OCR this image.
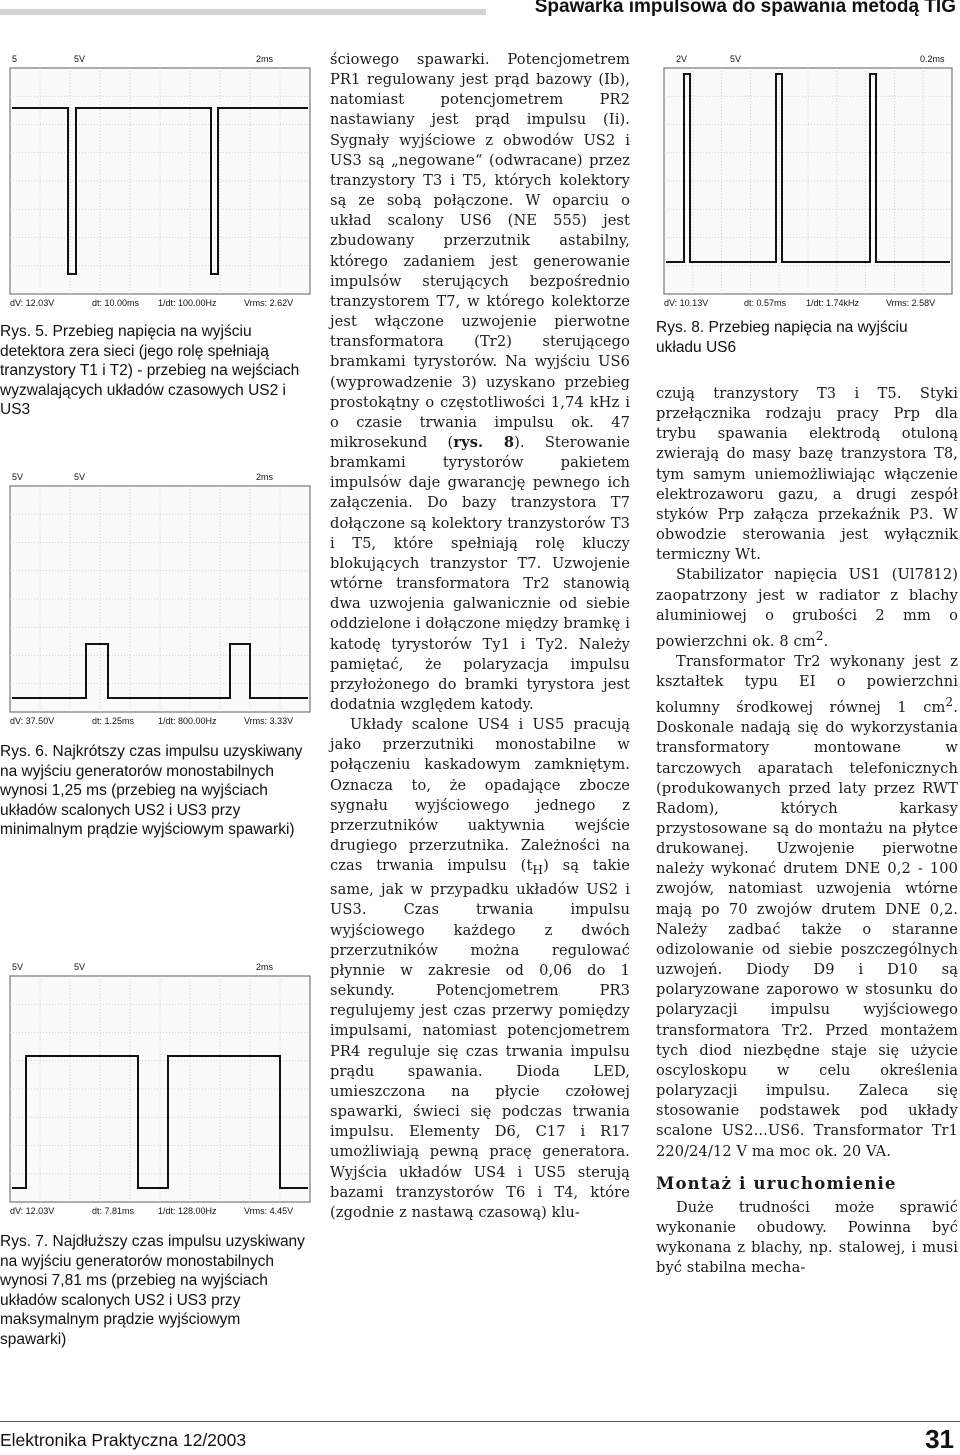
Spawarka impulsowa do spawania metodą TIG
5	5V	2ms
dV: 12.03V	dt: 10.00ms 1/dt: 100.00Hz	Vrms: 2.62V
Rys. 5. Przebieg napięcia na wyjściu detektora zera sieci (jego rolę spełniają tranzystory T1 i T2) - przebieg na wejściach wyzwalających układów czasowych US2 i US3
5V	5V	2ms
dV: 37.50V	dt: 1.25ms	1/dt: 800.00Hz	Vrms: 3.33V
Rys. 6. Najkrótszy czas impulsu uzyskiwany na wyjściu generatorów monostabilnych wynosi 1,25 ms (przebieg na wyjściach układów scalonych US2 i US3 przy minimalnym prądzie wyjściowym spawarki)
5V	5V	2ms
dV: 12.03V	dt: 7.81ms	1/dt: 128.00Hz	Vrms: 4.45V
Rys. 7. Najdłuższy czas impulsu uzyskiwany na wyjściu generatorów monostabilnych wynosi 7,81 ms (przebieg na wyjściach układów scalonych US2 i US3 przy maksymalnym prądzie wyjściowym spawarki)

ściowego spawarki. Potencjometrem PR1 regulowany jest prąd bazowy (Ib), natomiast potencjometrem PR2 nastawiany jest prąd impulsu (Ii). Sygnały wyjściowe z obwodów US2 i US3 są „negowane“ (odwracane) przez tranzystory T3 i T5, których kolektory są ze sobą połączone. W oparciu o układ scalony US6 (NE 555) jest zbudowany przerzutnik astabilny, którego zadaniem jest generowanie impulsów sterujących bezpośrednio tranzystorem T7, w którego kolektorze jest włączone uzwojenie pierwotne transformatora (Tr2) sterującego bramkami tyrystorów. Na wyjściu US6 (wyprowadzenie 3) uzyskano przebieg prostokątny o częstotliwości 1,74 kHz i o czasie trwania impulsu ok. 47 mikrosekund (rys. 8). Sterowanie bramkami tyrystorów pakietem impulsów daje gwarancję pewnego ich załączenia. Do bazy tranzystora T7 dołączone są kolektory tranzystorów T3 i T5, które spełniają rolę kluczy blokujących tranzystor T7. Uzwojenie wtórne transformatora Tr2 stanowią dwa uzwojenia galwanicznie od siebie oddzielone i dołączone między bramkę i katodę tyrystorów Ty1 i Ty2. Należy pamiętać, że polaryzacja impulsu przyłożonego do bramki tyrystora jest dodatnia względem katody.

Układy scalone US4 i US5 pracują jako przerzutniki monostabilne w połączeniu kaskadowym zamkniętym. Oznacza to, że opadające zbocze sygnału wyjściowego jednego z przerzutników uaktywnia wejście drugiego przerzutnika. Zależności na czas trwania impulsu $(t_H)$ są takie same, jak w przypadku układów US2 i US3. Czas trwania impulsu wyjściowego każdego z dwóch przerzutników można regulować płynnie w zakresie od 0,06 do 1 sekundy. Potencjometrem PR3 regulujemy jest czas przerwy pomiędzy impulsami, natomiast potencjometrem PR4 reguluje się czas trwania impulsu prądu spawania. Dioda LED, umieszczona na płycie czołowej spawarki, świeci się podczas trwania impulsu. Elementy D6, C17 i R17 umożliwiają pewną pracę generatora. Wyjścia układów US4 i US5 sterują bazami tranzystorów T6 i T4, które (zgodnie z nastawą czasową) klu-

2V	5V	0.2ms
dV: 10.13V	dt: 0.57ms 1/dt: 1.74kHz	Vrms: 2.58V
Rys. 8. Przebieg napięcia na wyjściu układu US6

czują tranzystory T3 i T5. Styki przełącznika rodzaju pracy Prp dla trybu spawania elektrodą otuloną zwierają do masy bazę tranzystora T8, tym samym uniemożliwiając włączenie elektrozaworu gazu, a drugi zespół styków Prp załącza przekaźnik P3. W obwodzie sterowania jest wyłącznik termiczny Wt.

Stabilizator napięcia US1 (Ul7812) zaopatrzony jest w radiator z blachy aluminiowej o grubości 2 mm o powierzchni ok. 8 $cm^2$.

Transformator Tr2 wykonany jest z kształtek typu EI o powierzchni kolumny środkowej równej 1 $cm^2$. Doskonale nadają się do wykorzystania transformatory montowane w tarczowych aparatach telefonicznych (produkowanych przed laty przez RWT Radom), których karkasy przystosowane są do montażu na płytce drukowanej. Uzwojenie pierwotne należy wykonać drutem DNE 0,2 - 100 zwojów, natomiast uzwojenia wtórne mają po 70 zwojów drutem DNE 0,2. Należy zadbać także o staranne odizolowanie od siebie poszczególnych uzwojeń. Diody D9 i D10 są polaryzowane zaporowo w stosunku do polaryzacji impulsu wyjściowego transformatora Tr2. Przed montażem tych diod niezbędne staje się użycie oscyloskopu w celu określenia polaryzacji impulsu. Zaleca się stosowanie podstawek pod układy scalone US2...US6. Transformator Tr1 220/24/12 V ma moc ok. 20 VA.

Montaż i uruchomienie

Duże trudności może sprawić wykonanie obudowy. Powinna być wykonana z blachy, np. stalowej, i musi być stabilna mecha-

Elektronika Praktyczna 12/2003	31
